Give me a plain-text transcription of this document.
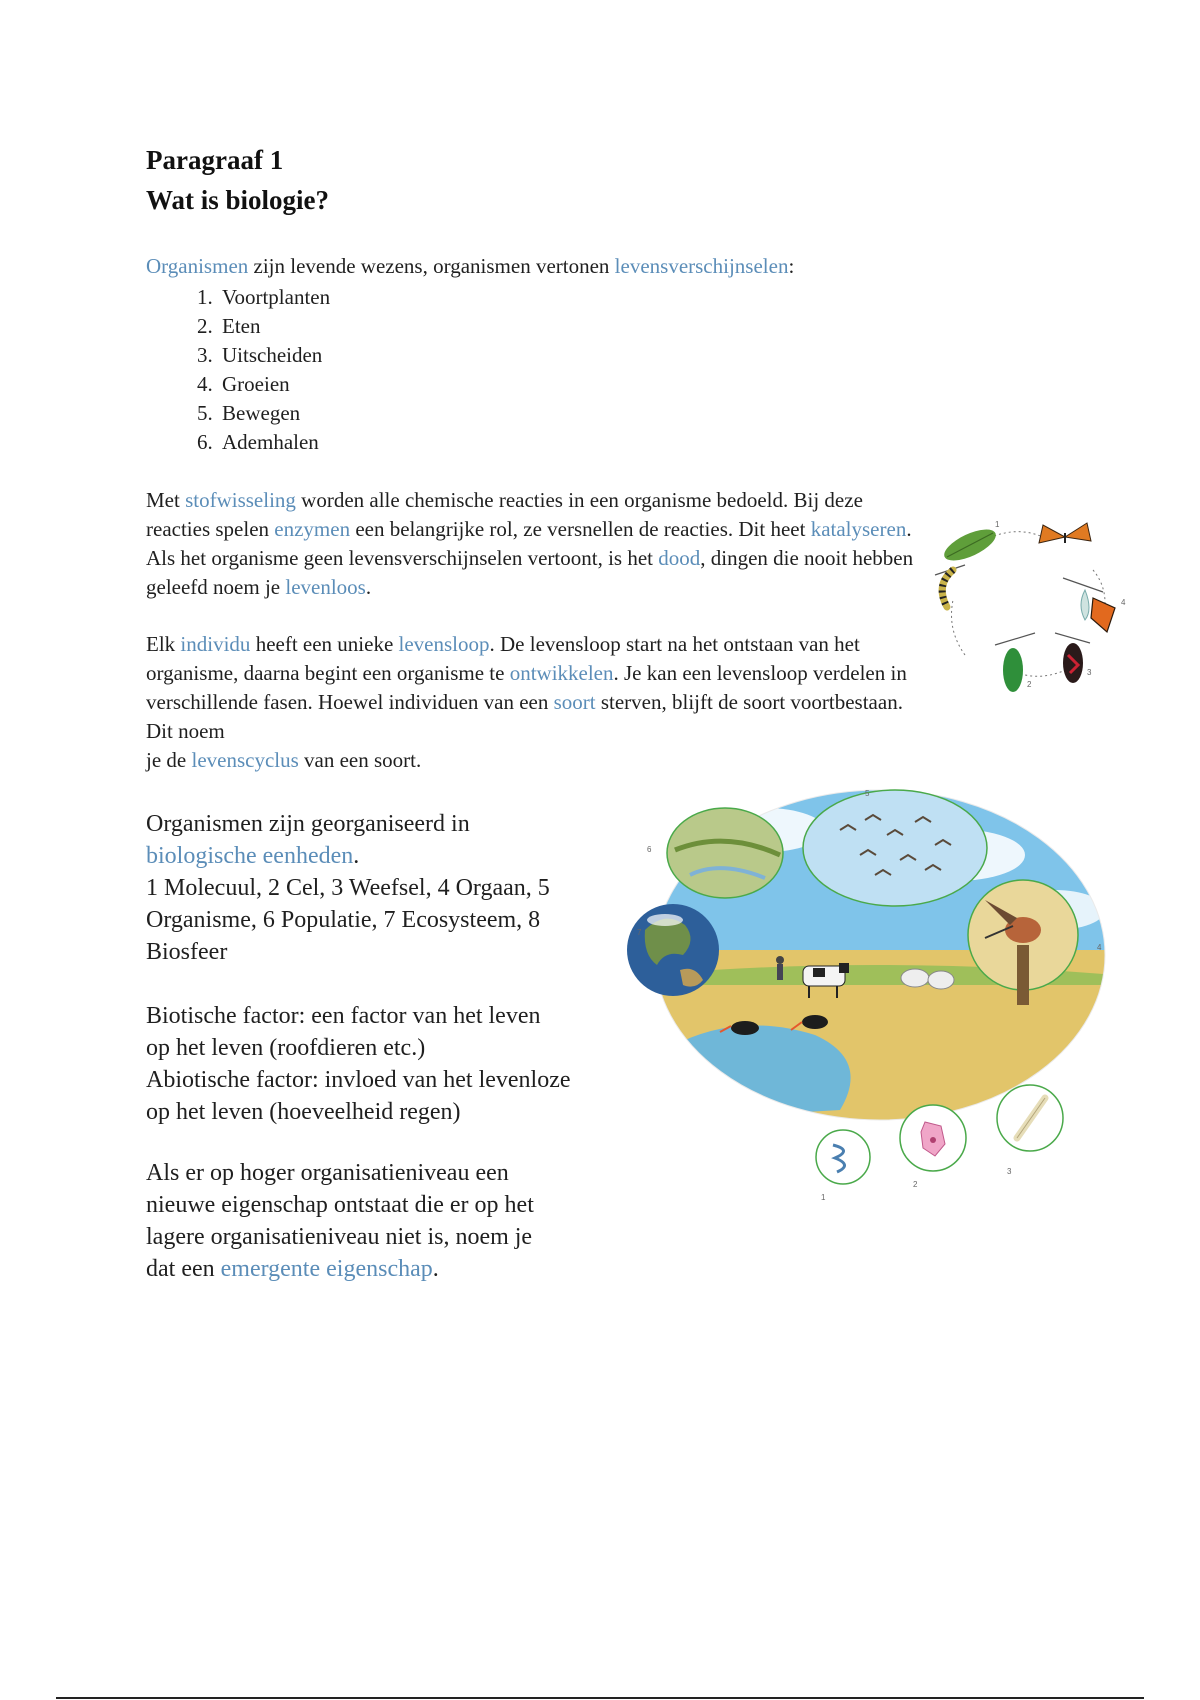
Paragraaf 1
Wat is biologie?

Organismen zijn levende wezens, organismen vertonen levensverschijnselen:

1. Voortplanten
2. Eten
3. Uitscheiden
4. Groeien
5. Bewegen
6. Ademhalen

Met stofwisseling worden alle chemische reacties in een organisme bedoeld. Bij deze reacties spelen enzymen een belangrijke rol, ze versnellen de reacties. Dit heet katalyseren. Als het organisme geen levensverschijnselen vertoont, is het dood, dingen die nooit hebben geleefd noem je levenloos.

Elk individu heeft een unieke levensloop. De levensloop start na het ontstaan van het organisme, daarna begint een organisme te ontwikkelen. Je kan een levensloop verdelen in verschillende fasen. Hoewel individuen van een soort sterven, blijft de soort voortbestaan. Dit noem
je de levenscyclus van een soort.

Organismen zijn georganiseerd in
biologische eenheden.
1 Molecuul, 2 Cel, 3 Weefsel, 4 Orgaan, 5
Organisme, 6 Populatie, 7 Ecosysteem, 8
Biosfeer

Biotische factor: een factor van het leven
op het leven (roofdieren etc.)
Abiotische factor: invloed van het levenloze
op het leven (hoeveelheid regen)

Als er op hoger organisatieniveau een
nieuwe eigenschap ontstaat die er op het
lagere organisatieniveau niet is, noem je
dat een emergente eigenschap.

2
3
1
4
1
2
3
4
5
6
7
